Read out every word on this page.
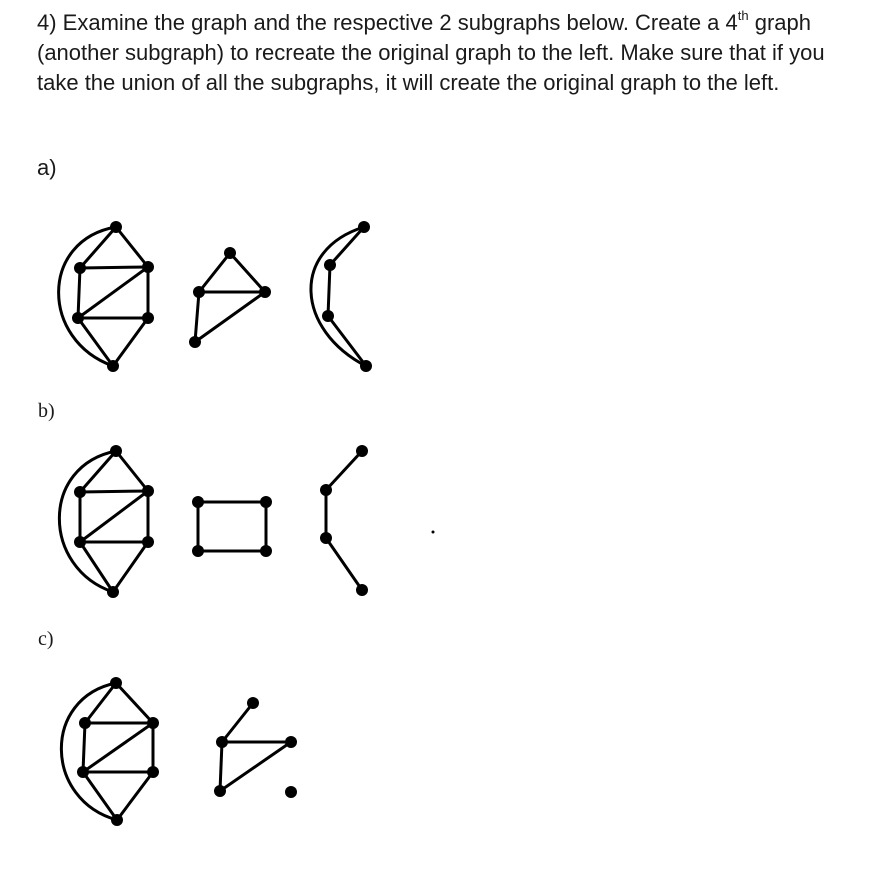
4) Examine the graph and the respective 2 subgraphs below. Create a 4th graph (another subgraph) to recreate the original graph to the left. Make sure that if you take the union of all the subgraphs, it will create the original graph to the left.

a)
b)
c)
